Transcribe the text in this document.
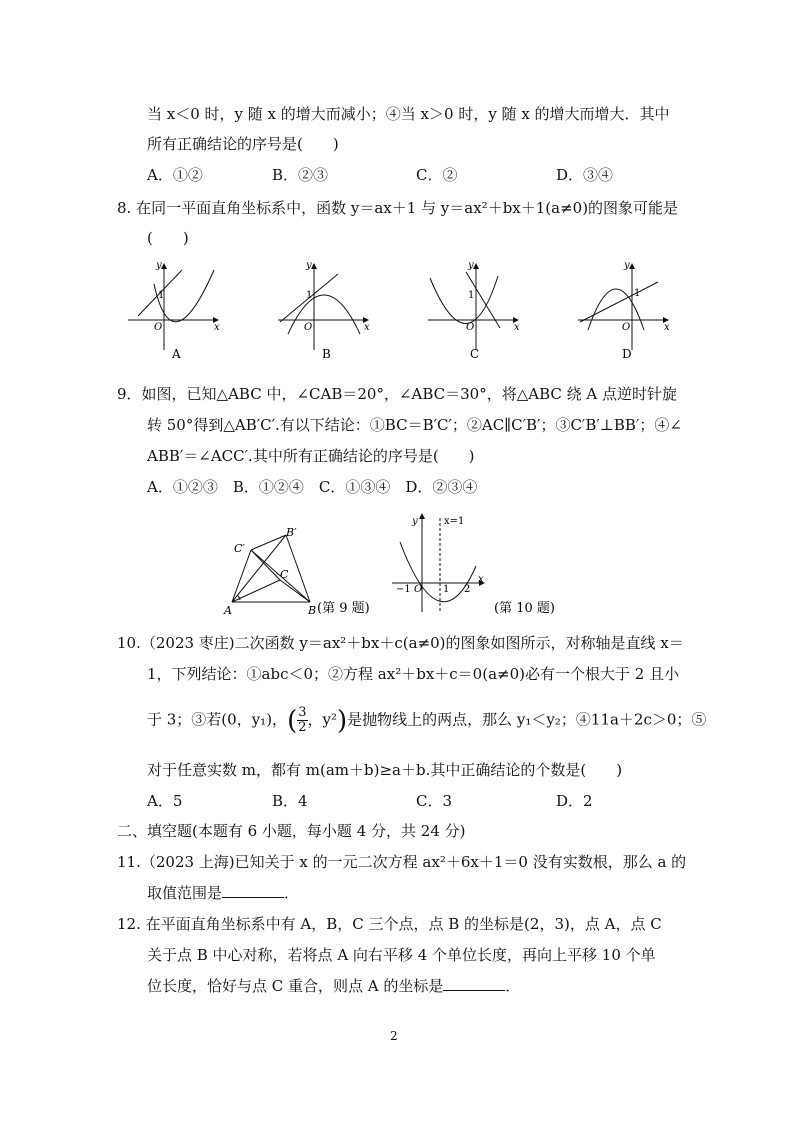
当 x＜0 时，y 随 x 的增大而减小；④当 x＞0 时，y 随 x 的增大而增大．其中
所有正确结论的序号是(　　)
A．①②	B．②③	C．②	D．③④
8. 在同一平面直角坐标系中，函数 y＝ax＋1 与 y＝ax²＋bx＋1(a≠0)的图象可能是
(　　)
y
x
O
1
A
y
x
O
1
B
y
x
O
1
C
y
x
O
1
D
9．如图，已知△ABC 中，∠CAB＝20°，∠ABC＝30°，将△ABC 绕 A 点逆时针旋
转 50°得到△AB′C′.有以下结论：①BC＝B′C′；②AC∥C′B′；③C′B′⊥BB′；④∠
ABB′＝∠ACC′.其中所有正确结论的序号是(　　)
A．①②③　B．①②④　C．①③④　D．②③④
A	B
C
B′
C′
(第 9 题)
y
x
x=1
O
−1	1 2
(第 10 题)
10.（2023 枣庄)二次函数 y＝ax²＋bx＋c(a≠0)的图象如图所示，对称轴是直线 x＝
1，下列结论：①abc＜0；②方程 ax²＋bx＋c＝0(a≠0)必有一个根大于 2 且小
于 3；③若(0，y₁)，( $\frac{3}{2}$ ，y²)是抛物线上的两点，那么 y₁＜y₂；④11a＋2c＞0；⑤
对于任意实数 m，都有 m(am＋b)≥a＋b.其中正确结论的个数是(　　)
A．5	B．4	C．3	D．2
二、填空题(本题有 6 小题，每小题 4 分，共 24 分)
11.（2023 上海)已知关于 x 的一元二次方程 ax²＋6x＋1＝0 没有实数根，那么 a 的
取值范围是	．
12. 在平面直角坐标系中有 A，B，C 三个点，点 B 的坐标是(2，3)，点 A，点 C
关于点 B 中心对称，若将点 A 向右平移 4 个单位长度，再向上平移 10 个单
位长度，恰好与点 C 重合，则点 A 的坐标是	．
2
